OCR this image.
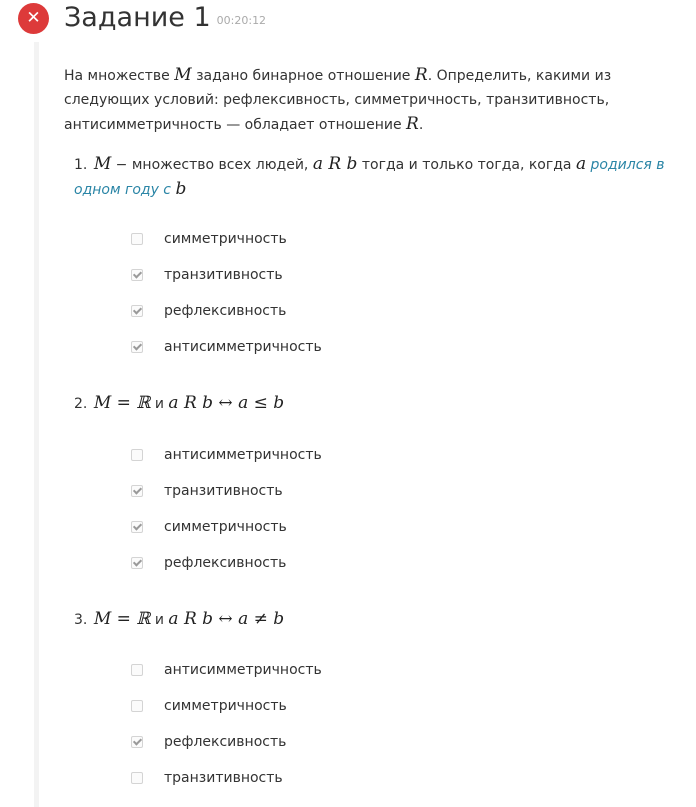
✕ Задание 1 00:20:12
На множестве M задано бинарное отношение R. Определить, какими из следующих условий: рефлексивность, симметричность, транзитивность, антисимметричность — обладает отношение R.
1. M − множество всех людей, a R b тогда и только тогда, когда a родился в одном году с b
симметричность
транзитивность
рефлексивность
антисимметричность
2. M = ℝ и a R b ↔ a ≤ b
антисимметричность
транзитивность
симметричность
рефлексивность
3. M = ℝ и a R b ↔ a ≠ b
антисимметричность
симметричность
рефлексивность
транзитивность
